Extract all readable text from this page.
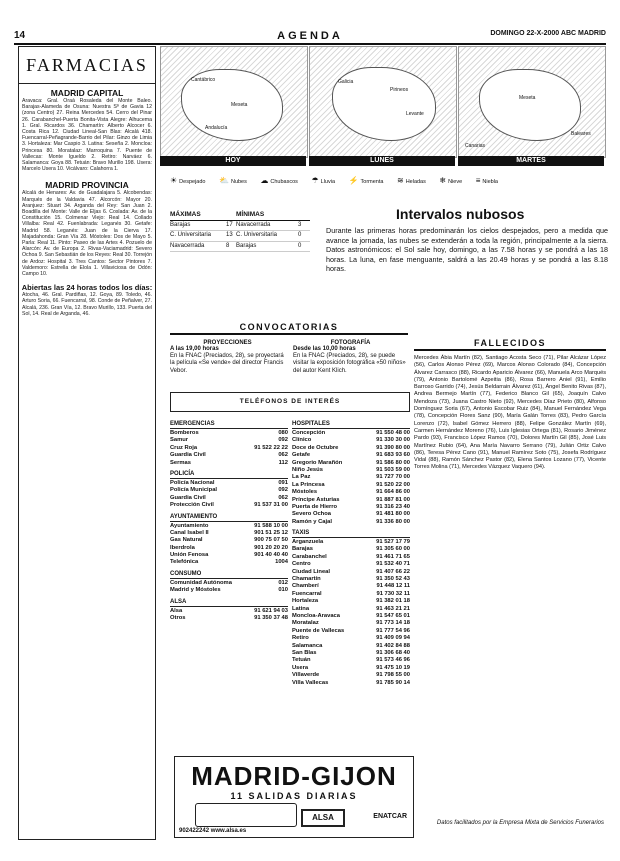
14	AGENDA	DOMINGO 22-X-2000 ABC MADRID
FARMACIAS
MADRID CAPITAL
Aravaca: Gral. Oraá Rosaleda del Monte Baleo. Barajas-Alameda de Osuna: Nuestra Sª de Gavia 12 (zona Centro) 27. Reina Mercedes 54. Cerro del Pinar 26. Carabanchel-Puerta Bonita-Vista Alegre: Alhucema 1. Gral. Ricardos 36. Chamartín: Alberto Alcocer 6. Costa Rica 12. Ciudad Lineal-San Blas: Alcalá 418. Fuencarral-Peñagrande-Barrio del Pilar: Ginzo de Limia 3. Hortaleza: Mar Caspio 3. Latina: Seseña 2. Moncloa: Princesa 80. Moratalaz: Marroquina 7. Puente de Vallecas: Monte Igueldo 2. Retiro: Narváez 6. Salamanca: Goya 88. Tetuán: Bravo Murillo 198. Usera: Marcelo Usera 10. Vicálvaro: Calahorra 1.
MADRID PROVINCIA
Alcalá de Henares: Av. de Guadalajara 5. Alcobendas: Marqués de la Valdavia 47. Alcorcón: Mayor 20. Aranjuez: Stuart 34. Arganda del Rey: San Juan 2. Boadilla del Monte: Valle de Eljas 6. Coslada: Av. de la Constitución 15. Colmenar Viejo: Real 14. Collado Villalba: Real 42. Fuenlabrada: Leganés 30. Getafe: Madrid 58. Leganés: Juan de la Cierva 17. Majadahonda: Gran Vía 28. Móstoles: Dos de Mayo 5. Parla: Real 11. Pinto: Paseo de las Artes 4. Pozuelo de Alarcón: Av. de Europa 2. Rivas-Vaciamadrid: Severo Ochoa 9. San Sebastián de los Reyes: Real 30. Torrejón de Ardoz: Hospital 3. Tres Cantos: Sector Pintores 7. Valdemoro: Estrella de Elola 1. Villaviciosa de Odón: Campo 10.
Abiertas las 24 horas todos los días:
Atocha, 46. Gral. Pardiñas, 12. Goya, 89. Toledo, 46. Arturo Soria, 66. Fuencarral, 98. Conde de Peñalver, 27. Alcalá, 236. Gran Vía, 12. Bravo Murillo, 133. Puerta del Sol, 14. Real de Arganda, 46.
Cantábrico
Meseta
Andalucía
HOY
Galicia
Pirineos
Levante
LUNES
Meseta
Baleares
Canarias
MARTES
☀ Despejado ⛅ Nubes ☁ Chubascos ☂ Lluvia ⚡ Tormenta ≋ Heladas ❄ Nieve ≡ Niebla
MÁXIMAS	MÍNIMAS
Barajas	17 Navacerrada	3
C. Universitaria 13 C. Universitaria	0
Navacerrada	8 Barajas	0
Intervalos nubosos
Durante las primeras horas predominarán los cielos despejados, pero a medida que avance la jornada, las nubes se extenderán a toda la región, principalmente a la sierra. Datos astronómicos: el Sol sale hoy, domingo, a las 7.58 horas y se pondrá a las 18 horas. La luna, en fase menguante, saldrá a las 20.49 horas y se pondrá a las 8.18 horas.
CONVOCATORIAS
PROYECCIONES
A las 19,00 horas
En la FNAC (Preciados, 28), se proyectará la película «Se vende» del director Francis Vebor.
FOTOGRAFÍA
Desde las 10,00 horas
En la FNAC (Preciados, 28), se puede visitar la exposición fotográfica «50 niños» del autor Kent Klich.
TELÉFONOS DE INTERÉS
EMERGENCIAS
Bomberos	080
Samur	092
Cruz Roja	91 522 22 22
Guardia Civil	062
Sermas	112
POLICÍA
Policía Nacional	091
Policía Municipal	092
Guardia Civil	062
Protección Civil	91 537 31 00
AYUNTAMIENTO
Ayuntamiento	91 588 10 00
Canal Isabel II	901 51 25 12
Gas Natural	900 75 07 50
Iberdrola	901 20 20 20
Unión Fenosa	901 40 40 40
Telefónica	1004
CONSUMO
Comunidad Autónoma	012
Madrid y Móstoles	010
ALSA
Alsa	91 621 94 03
Otros	91 350 37 48
HOSPITALES
Concepción	91 550 48 00
Clínico	91 330 30 00
Doce de Octubre	91 390 80 00
Getafe	91 683 93 60
Gregorio Marañón	91 586 80 00
Niño Jesús	91 503 59 00
La Paz	91 727 70 00
La Princesa	91 520 22 00
Móstoles	91 664 86 00
Príncipe Asturias	91 887 81 00
Puerta de Hierro	91 316 23 40
Severo Ochoa	91 481 80 00
Ramón y Cajal	91 336 80 00
TAXIS
Arganzuela	91 527 17 79
Barajas	91 305 60 00
Carabanchel	91 461 71 65
Centro	91 532 40 71
Ciudad Lineal	91 407 66 22
Chamartín	91 350 52 43
Chamberí	91 448 12 11
Fuencarral	91 730 32 11
Hortaleza	91 382 01 18
Latina	91 463 21 21
Moncloa-Aravaca	91 547 65 01
Moratalaz	91 773 14 18
Puente de Vallecas	91 777 54 96
Retiro	91 409 09 94
Salamanca	91 402 84 88
San Blas	91 306 68 40
Tetuán	91 573 46 96
Usera	91 475 10 19
Villaverde	91 798 55 00
Villa Vallecas	91 785 90 14
FALLECIDOS
Mercedes Ábia Martín (82), Santiago Acosta Seco (71), Pilar Alcázar López (56), Carlos Alonso Pérez (69), Marcos Alonso Colorado (84), Concepción Álvarez Carrasco (88), Ricardo Aparicio Álvarez (66), Manuela Arco Marqués (79), Antonio Bartolomé Azpeitia (86), Rosa Barrero Aniel (91), Emilio Barroso Garrido (74), Jesús Beldarrain Álvarez (61), Ángel Benito Rivas (87), Andrea Bermejo Martín (77), Federico Blanco Gil (65), Joaquín Calvo Mendoza (73), Juana Castro Nieto (92), Mercedes Díaz Prieto (80), Alfonso Domínguez Soria (67), Antonio Escobar Ruiz (84), Manuel Fernández Vega (78), Concepción Flores Sanz (90), María Galán Torres (83), Pedro García Lorenzo (72), Isabel Gómez Herrero (88), Felipe González Martín (69), Carmen Hernández Moreno (76), Luis Iglesias Ortega (81), Rosario Jiménez Pardo (93), Francisco López Ramos (70), Dolores Martín Gil (85), José Luis Martínez Rubio (64), Ana María Navarro Serrano (79), Julián Ortiz Calvo (86), Teresa Pérez Cano (91), Manuel Ramírez Soto (75), Josefa Rodríguez Vidal (88), Ramón Sánchez Pastor (82), Elena Santos Lozano (77), Vicente Torres Molina (71), Mercedes Vázquez Vaquero (94).
MADRID-GIJON
11 SALIDAS DIARIAS
ALSA	ENATCAR
902422242 www.alsa.es
Datos facilitados por la Empresa Mixta de Servicios Funerarios
